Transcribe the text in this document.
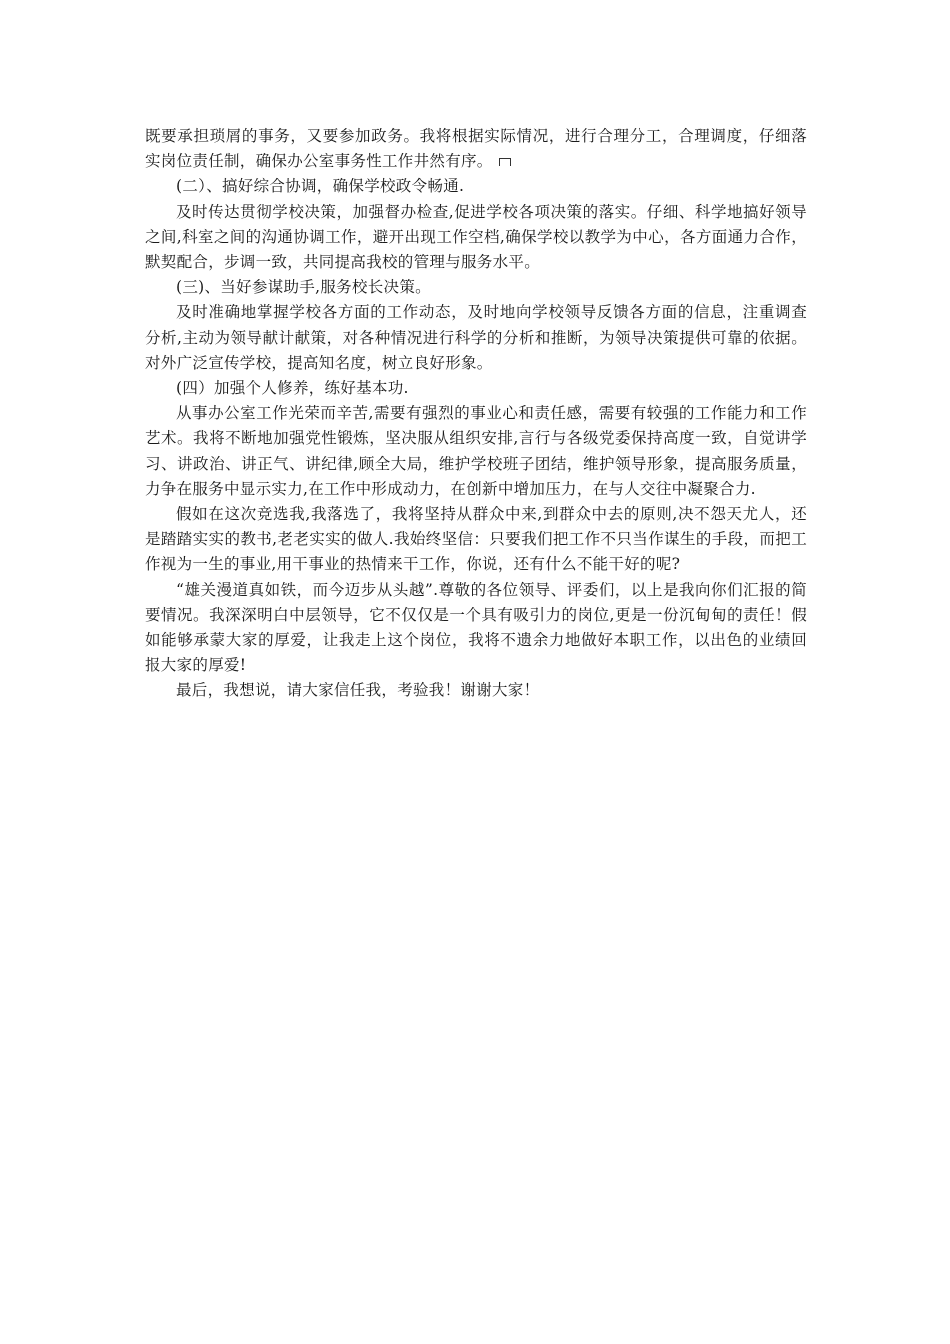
既要承担琐屑的事务，又要参加政务。我将根据实际情况，进行合理分工，合理调度，仔细落实岗位责任制，确保办公室事务性工作井然有序。

(二）、搞好综合协调，确保学校政令畅通.

及时传达贯彻学校决策，加强督办检查,促进学校各项决策的落实。仔细、科学地搞好领导之间,科室之间的沟通协调工作，避开出现工作空档,确保学校以教学为中心，各方面通力合作，默契配合，步调一致，共同提高我校的管理与服务水平。

(三)、当好参谋助手,服务校长决策。

及时准确地掌握学校各方面的工作动态，及时地向学校领导反馈各方面的信息，注重调查分析,主动为领导献计献策，对各种情况进行科学的分析和推断，为领导决策提供可靠的依据。对外广泛宣传学校，提高知名度，树立良好形象。

(四）加强个人修养，练好基本功.

从事办公室工作光荣而辛苦,需要有强烈的事业心和责任感，需要有较强的工作能力和工作艺术。我将不断地加强党性锻炼，坚决服从组织安排,言行与各级党委保持高度一致，自觉讲学习、讲政治、讲正气、讲纪律,顾全大局，维护学校班子团结，维护领导形象，提高服务质量，力争在服务中显示实力,在工作中形成动力，在创新中增加压力，在与人交往中凝聚合力.

假如在这次竞选我,我落选了，我将坚持从群众中来,到群众中去的原则,决不怨天尤人，还是踏踏实实的教书,老老实实的做人.我始终坚信：只要我们把工作不只当作谋生的手段，而把工作视为一生的事业,用干事业的热情来干工作，你说，还有什么不能干好的呢?

“雄关漫道真如铁，而今迈步从头越”.尊敬的各位领导、评委们，以上是我向你们汇报的简要情况。我深深明白中层领导，它不仅仅是一个具有吸引力的岗位,更是一份沉甸甸的责任！假如能够承蒙大家的厚爱，让我走上这个岗位，我将不遗余力地做好本职工作，以出色的业绩回报大家的厚爱!

最后，我想说，请大家信任我，考验我！谢谢大家！
